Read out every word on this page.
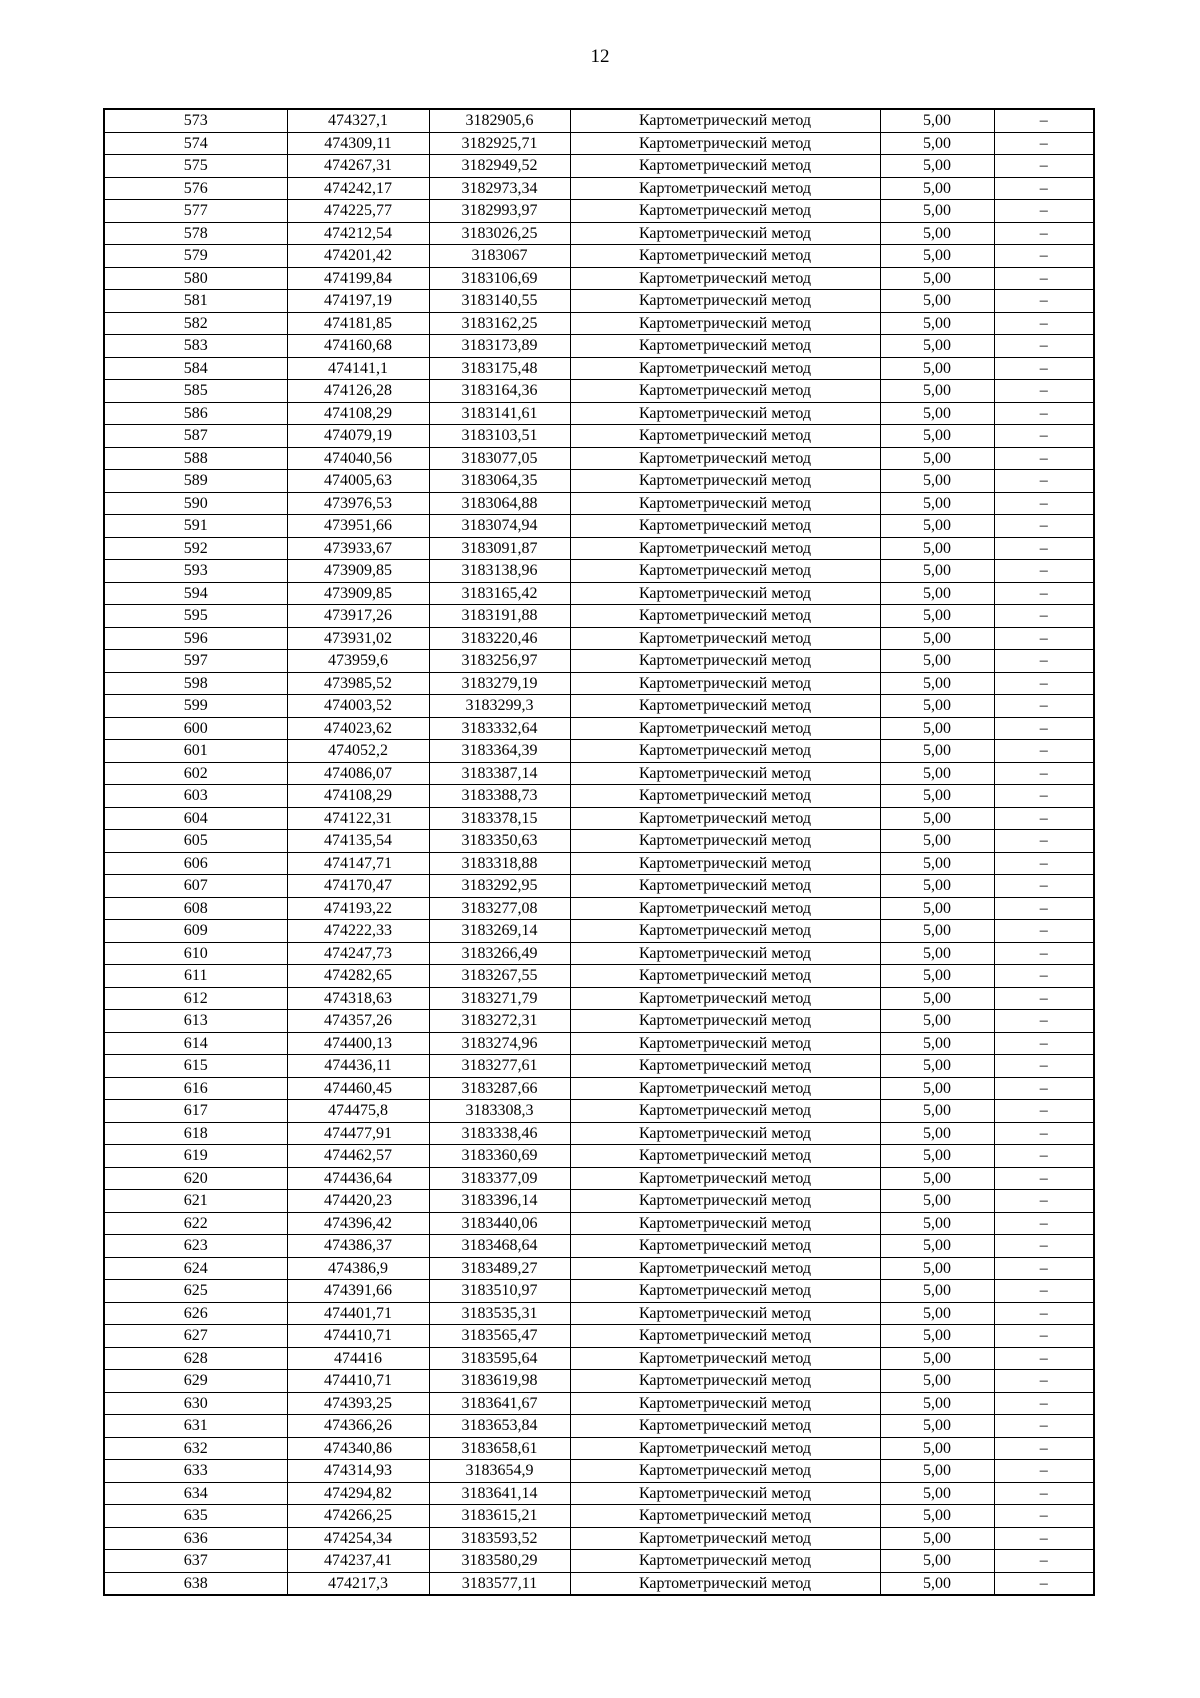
12
573	474327,1	3182905,6	Картометрический метод	5,00	–
574	474309,11	3182925,71	Картометрический метод	5,00	–
575	474267,31	3182949,52	Картометрический метод	5,00	–
576	474242,17	3182973,34	Картометрический метод	5,00	–
577	474225,77	3182993,97	Картометрический метод	5,00	–
578	474212,54	3183026,25	Картометрический метод	5,00	–
579	474201,42	3183067	Картометрический метод	5,00	–
580	474199,84	3183106,69	Картометрический метод	5,00	–
581	474197,19	3183140,55	Картометрический метод	5,00	–
582	474181,85	3183162,25	Картометрический метод	5,00	–
583	474160,68	3183173,89	Картометрический метод	5,00	–
584	474141,1	3183175,48	Картометрический метод	5,00	–
585	474126,28	3183164,36	Картометрический метод	5,00	–
586	474108,29	3183141,61	Картометрический метод	5,00	–
587	474079,19	3183103,51	Картометрический метод	5,00	–
588	474040,56	3183077,05	Картометрический метод	5,00	–
589	474005,63	3183064,35	Картометрический метод	5,00	–
590	473976,53	3183064,88	Картометрический метод	5,00	–
591	473951,66	3183074,94	Картометрический метод	5,00	–
592	473933,67	3183091,87	Картометрический метод	5,00	–
593	473909,85	3183138,96	Картометрический метод	5,00	–
594	473909,85	3183165,42	Картометрический метод	5,00	–
595	473917,26	3183191,88	Картометрический метод	5,00	–
596	473931,02	3183220,46	Картометрический метод	5,00	–
597	473959,6	3183256,97	Картометрический метод	5,00	–
598	473985,52	3183279,19	Картометрический метод	5,00	–
599	474003,52	3183299,3	Картометрический метод	5,00	–
600	474023,62	3183332,64	Картометрический метод	5,00	–
601	474052,2	3183364,39	Картометрический метод	5,00	–
602	474086,07	3183387,14	Картометрический метод	5,00	–
603	474108,29	3183388,73	Картометрический метод	5,00	–
604	474122,31	3183378,15	Картометрический метод	5,00	–
605	474135,54	3183350,63	Картометрический метод	5,00	–
606	474147,71	3183318,88	Картометрический метод	5,00	–
607	474170,47	3183292,95	Картометрический метод	5,00	–
608	474193,22	3183277,08	Картометрический метод	5,00	–
609	474222,33	3183269,14	Картометрический метод	5,00	–
610	474247,73	3183266,49	Картометрический метод	5,00	–
611	474282,65	3183267,55	Картометрический метод	5,00	–
612	474318,63	3183271,79	Картометрический метод	5,00	–
613	474357,26	3183272,31	Картометрический метод	5,00	–
614	474400,13	3183274,96	Картометрический метод	5,00	–
615	474436,11	3183277,61	Картометрический метод	5,00	–
616	474460,45	3183287,66	Картометрический метод	5,00	–
617	474475,8	3183308,3	Картометрический метод	5,00	–
618	474477,91	3183338,46	Картометрический метод	5,00	–
619	474462,57	3183360,69	Картометрический метод	5,00	–
620	474436,64	3183377,09	Картометрический метод	5,00	–
621	474420,23	3183396,14	Картометрический метод	5,00	–
622	474396,42	3183440,06	Картометрический метод	5,00	–
623	474386,37	3183468,64	Картометрический метод	5,00	–
624	474386,9	3183489,27	Картометрический метод	5,00	–
625	474391,66	3183510,97	Картометрический метод	5,00	–
626	474401,71	3183535,31	Картометрический метод	5,00	–
627	474410,71	3183565,47	Картометрический метод	5,00	–
628	474416	3183595,64	Картометрический метод	5,00	–
629	474410,71	3183619,98	Картометрический метод	5,00	–
630	474393,25	3183641,67	Картометрический метод	5,00	–
631	474366,26	3183653,84	Картометрический метод	5,00	–
632	474340,86	3183658,61	Картометрический метод	5,00	–
633	474314,93	3183654,9	Картометрический метод	5,00	–
634	474294,82	3183641,14	Картометрический метод	5,00	–
635	474266,25	3183615,21	Картометрический метод	5,00	–
636	474254,34	3183593,52	Картометрический метод	5,00	–
637	474237,41	3183580,29	Картометрический метод	5,00	–
638	474217,3	3183577,11	Картометрический метод	5,00	–
